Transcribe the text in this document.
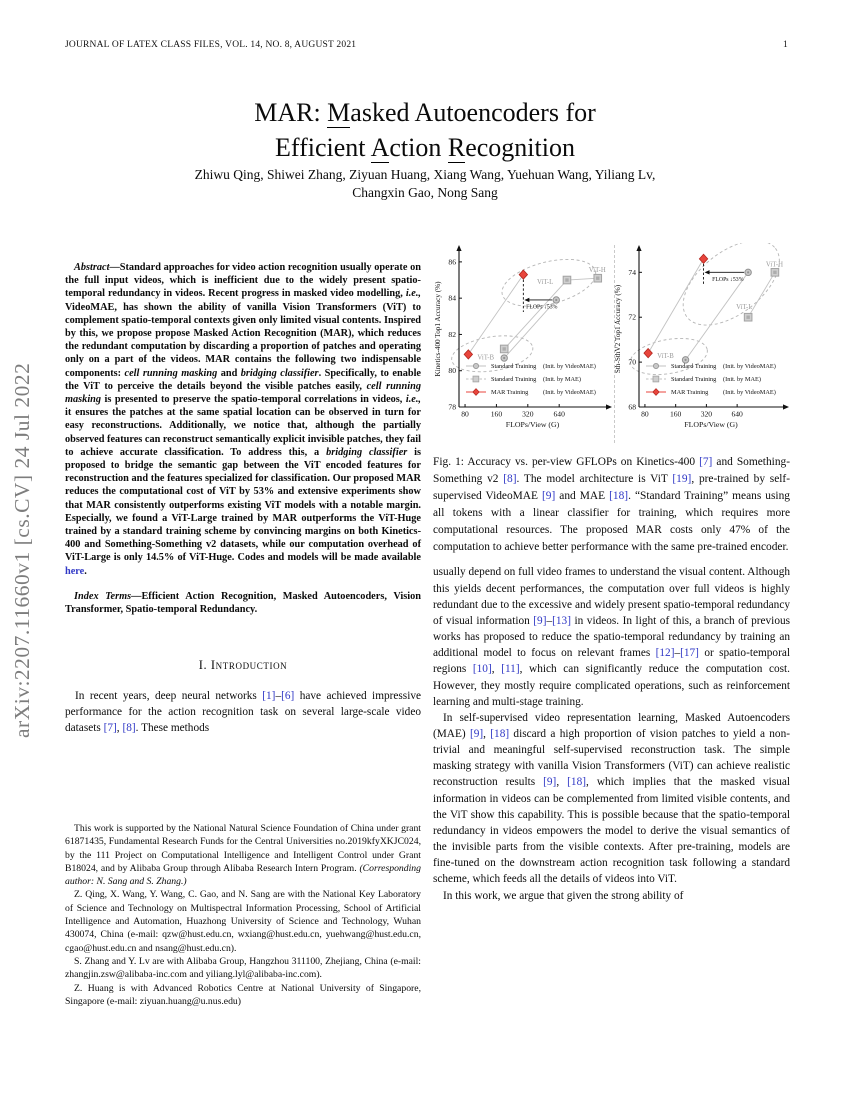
1
JOURNAL OF LATEX CLASS FILES, VOL. 14, NO. 8, AUGUST 2021
arXiv:2207.11660v1 [cs.CV] 24 Jul 2022
MAR: Masked Autoencoders for
Efficient Action Recognition
Zhiwu Qing, Shiwei Zhang, Ziyuan Huang, Xiang Wang, Yuehuan Wang, Yiliang Lv,
Changxin Gao, Nong Sang

Abstract—Standard approaches for video action recognition usually operate on the full input videos, which is inefficient due to the widely present spatio-temporal redundancy in videos. Recent progress in masked video modelling, i.e., VideoMAE, has shown the ability of vanilla Vision Transformers (ViT) to complement spatio-temporal contexts given only limited visual contents. Inspired by this, we propose propose Masked Action Recognition (MAR), which reduces the redundant computation by discarding a proportion of patches and operating only on a part of the videos. MAR contains the following two indispensable components: cell running masking and bridging classifier. Specifically, to enable the ViT to perceive the details beyond the visible patches easily, cell running masking is presented to preserve the spatio-temporal correlations in videos, i.e., it ensures the patches at the same spatial location can be observed in turn for easy reconstructions. Additionally, we notice that, although the partially observed features can reconstruct semantically explicit invisible patches, they fail to achieve accurate classification. To address this, a bridging classifier is proposed to bridge the semantic gap between the ViT encoded features for reconstruction and the features specialized for classification. Our proposed MAR reduces the computational cost of ViT by 53% and extensive experiments show that MAR consistently outperforms existing ViT models with a notable margin. Especially, we found a ViT-Large trained by MAR outperforms the ViT-Huge trained by a standard training scheme by convincing margins on both Kinetics-400 and Something-Something v2 datasets, while our computation overhead of ViT-Large is only 14.5% of ViT-Huge. Codes and models will be made available here.

Index Terms—Efficient Action Recognition, Masked Autoencoders, Vision Transformer, Spatio-temporal Redundancy.

I. Introduction

In recent years, deep neural networks [1]–[6] have achieved impressive performance for the action recognition task on several large-scale video datasets [7], [8]. These methods

This work is supported by the National Natural Science Foundation of China under grant 61871435, Fundamental Research Funds for the Central Universities no.2019kfyXKJC024, by the 111 Project on Computational Intelligence and Intelligent Control under Grant B18024, and by Alibaba Group through Alibaba Research Intern Program. (Corresponding author: N. Sang and S. Zhang.)

Z. Qing, X. Wang, Y. Wang, C. Gao, and N. Sang are with the National Key Laboratory of Science and Technology on Multispectral Information Processing, School of Artificial Intelligence and Automation, Huazhong University of Science and Technology, Wuhan 430074, China (e-mail: qzw@hust.edu.cn, wxiang@hust.edu.cn, yuehwang@hust.edu.cn, cgao@hust.edu.cn and nsang@hust.edu.cn).

S. Zhang and Y. Lv are with Alibaba Group, Hangzhou 311100, Zhejiang, China (e-mail: zhangjin.zsw@alibaba-inc.com and yiliang.lyl@alibaba-inc.com).

Z. Huang is with Advanced Robotics Centre at National University of Singapore, Singapore (e-mail: ziyuan.huang@u.nus.edu)

78
80
82
84
86
80	160	320	640
FLOPs/View (G)
Kinetics-400 Top1 Accuracy (%)	FLOPs ↓53%
ViT-L
ViT-H
ViT-B
Standard Training (Init. by VideoMAE)
Standard Training (Init. by MAE)
MAR Training (Init. by VideoMAE)
68
70
72
74
80	160	320	640
FLOPs/View (G)
Sth-SthV2 Top1 Accuracy (%)
FLOPs ↓53%
ViT-L
ViT-H
ViT-B
Standard Training (Init. by VideoMAE)
Standard Training (Init. by MAE)
MAR Training (Init. by VideoMAE)

Fig. 1: Accuracy vs. per-view GFLOPs on Kinetics-400 [7] and Something-Something v2 [8]. The model architecture is ViT [19], pre-trained by self-supervised VideoMAE [9] and MAE [18]. “Standard Training” means using all tokens with a linear classifier for training, which requires more computational resources. The proposed MAR costs only 47% of the computation to achieve better performance with the same pre-trained encoder.

usually depend on full video frames to understand the visual content. Although this yields decent performances, the computation over full videos is highly redundant due to the excessive and widely present spatio-temporal redundancy of visual information [9]–[13] in videos. In light of this, a branch of previous works has proposed to reduce the spatio-temporal redundancy by training an additional model to focus on relevant frames [12]–[17] or spatio-temporal regions [10], [11], which can significantly reduce the computation cost. However, they mostly require complicated operations, such as reinforcement learning and multi-stage training.

In self-supervised video representation learning, Masked Autoencoders (MAE) [9], [18] discard a high proportion of vision patches to yield a non-trivial and meaningful self-supervised reconstruction task. The simple masking strategy with vanilla Vision Transformers (ViT) can achieve realistic reconstruction results [9], [18], which implies that the masked visual information in videos can be complemented from limited visible contents, and the ViT show this capability. This is possible because that the spatio-temporal redundancy in videos empowers the model to derive the visual semantics of the invisible parts from the visible contexts. After pre-training, models are fine-tuned on the downstream action recognition task following a standard scheme, which feeds all the details of videos into ViT.

In this work, we argue that given the strong ability of
